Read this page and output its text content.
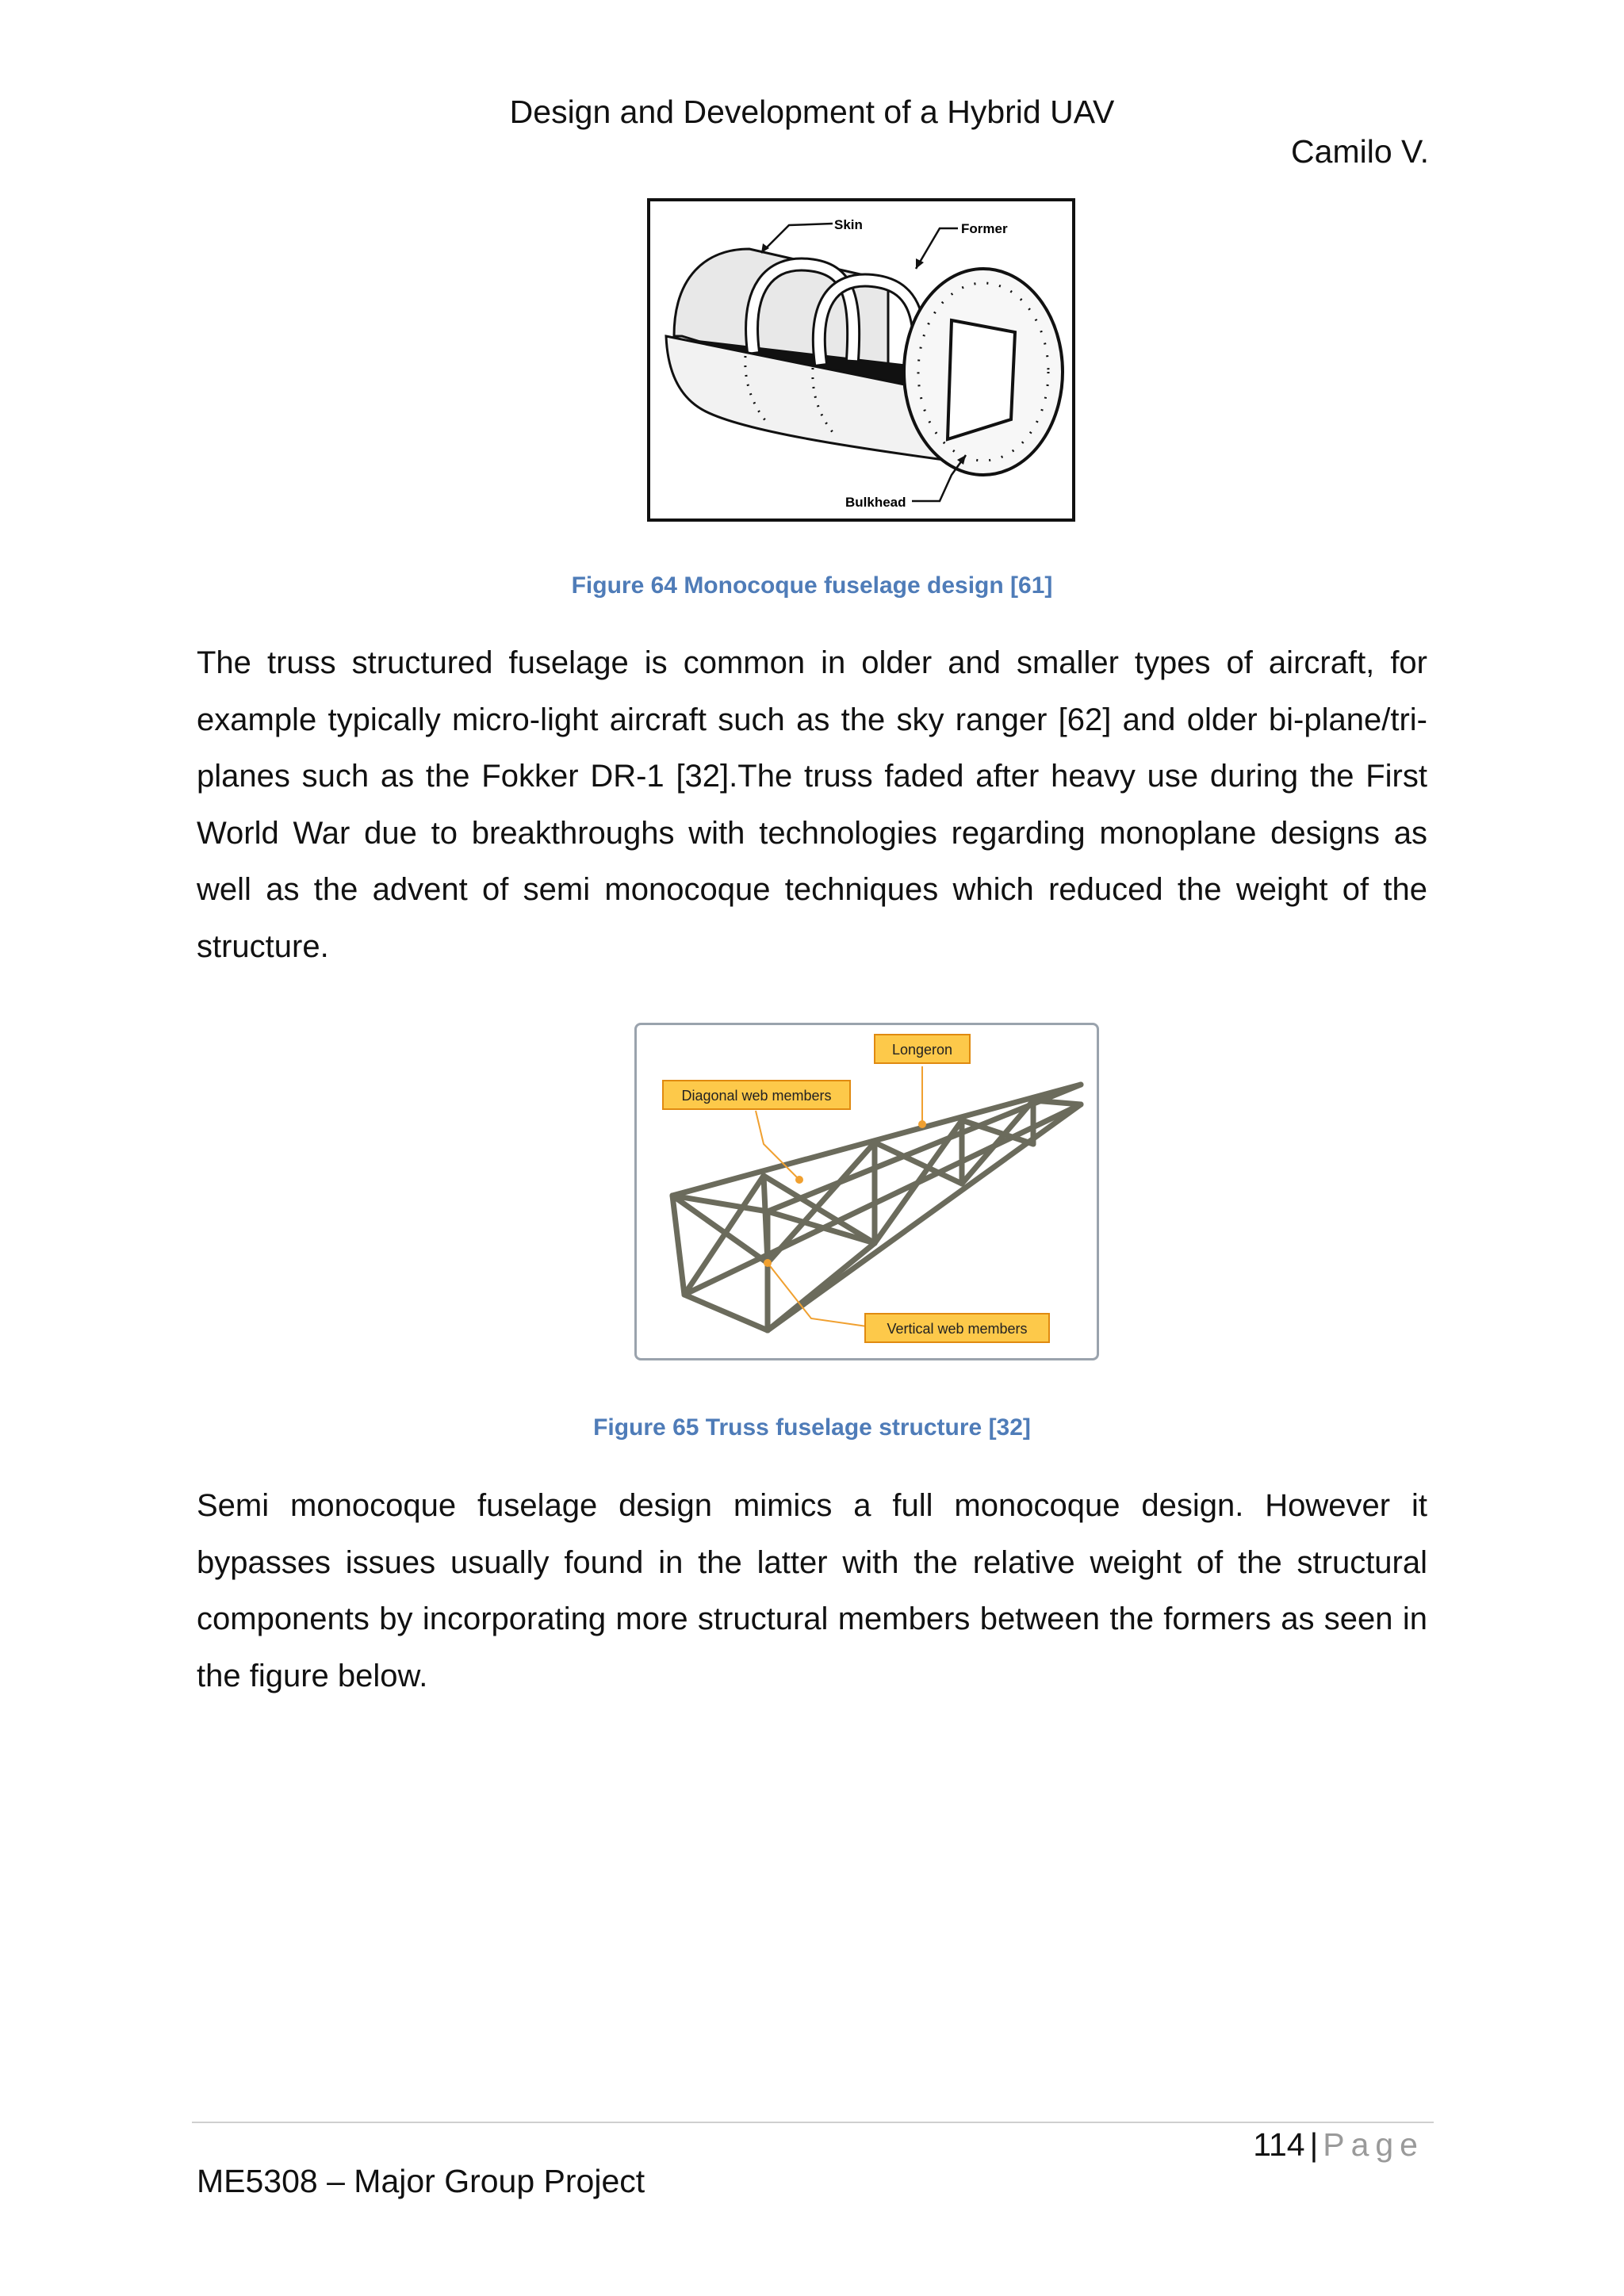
Design and Development of a Hybrid UAV
Camilo V.
Skin	Former
Bulkhead
Figure 64 Monocoque fuselage design [61]
The truss structured fuselage is common in older and smaller types of aircraft, for example typically micro-light aircraft such as the sky ranger [62] and older bi-plane/tri-planes such as the Fokker DR-1 [32].The truss faded after heavy use during the First World War due to breakthroughs with technologies regarding monoplane designs as well as the advent of semi monocoque techniques which reduced the weight of the structure.
Longeron
Diagonal web members
Vertical web members
Figure 65 Truss fuselage structure [32]
Semi monocoque fuselage design mimics a full monocoque design. However it bypasses issues usually found in the latter with the relative weight of the structural components by incorporating more structural members between the formers as seen in the figure below.
114 | Page
ME5308 – Major Group Project
